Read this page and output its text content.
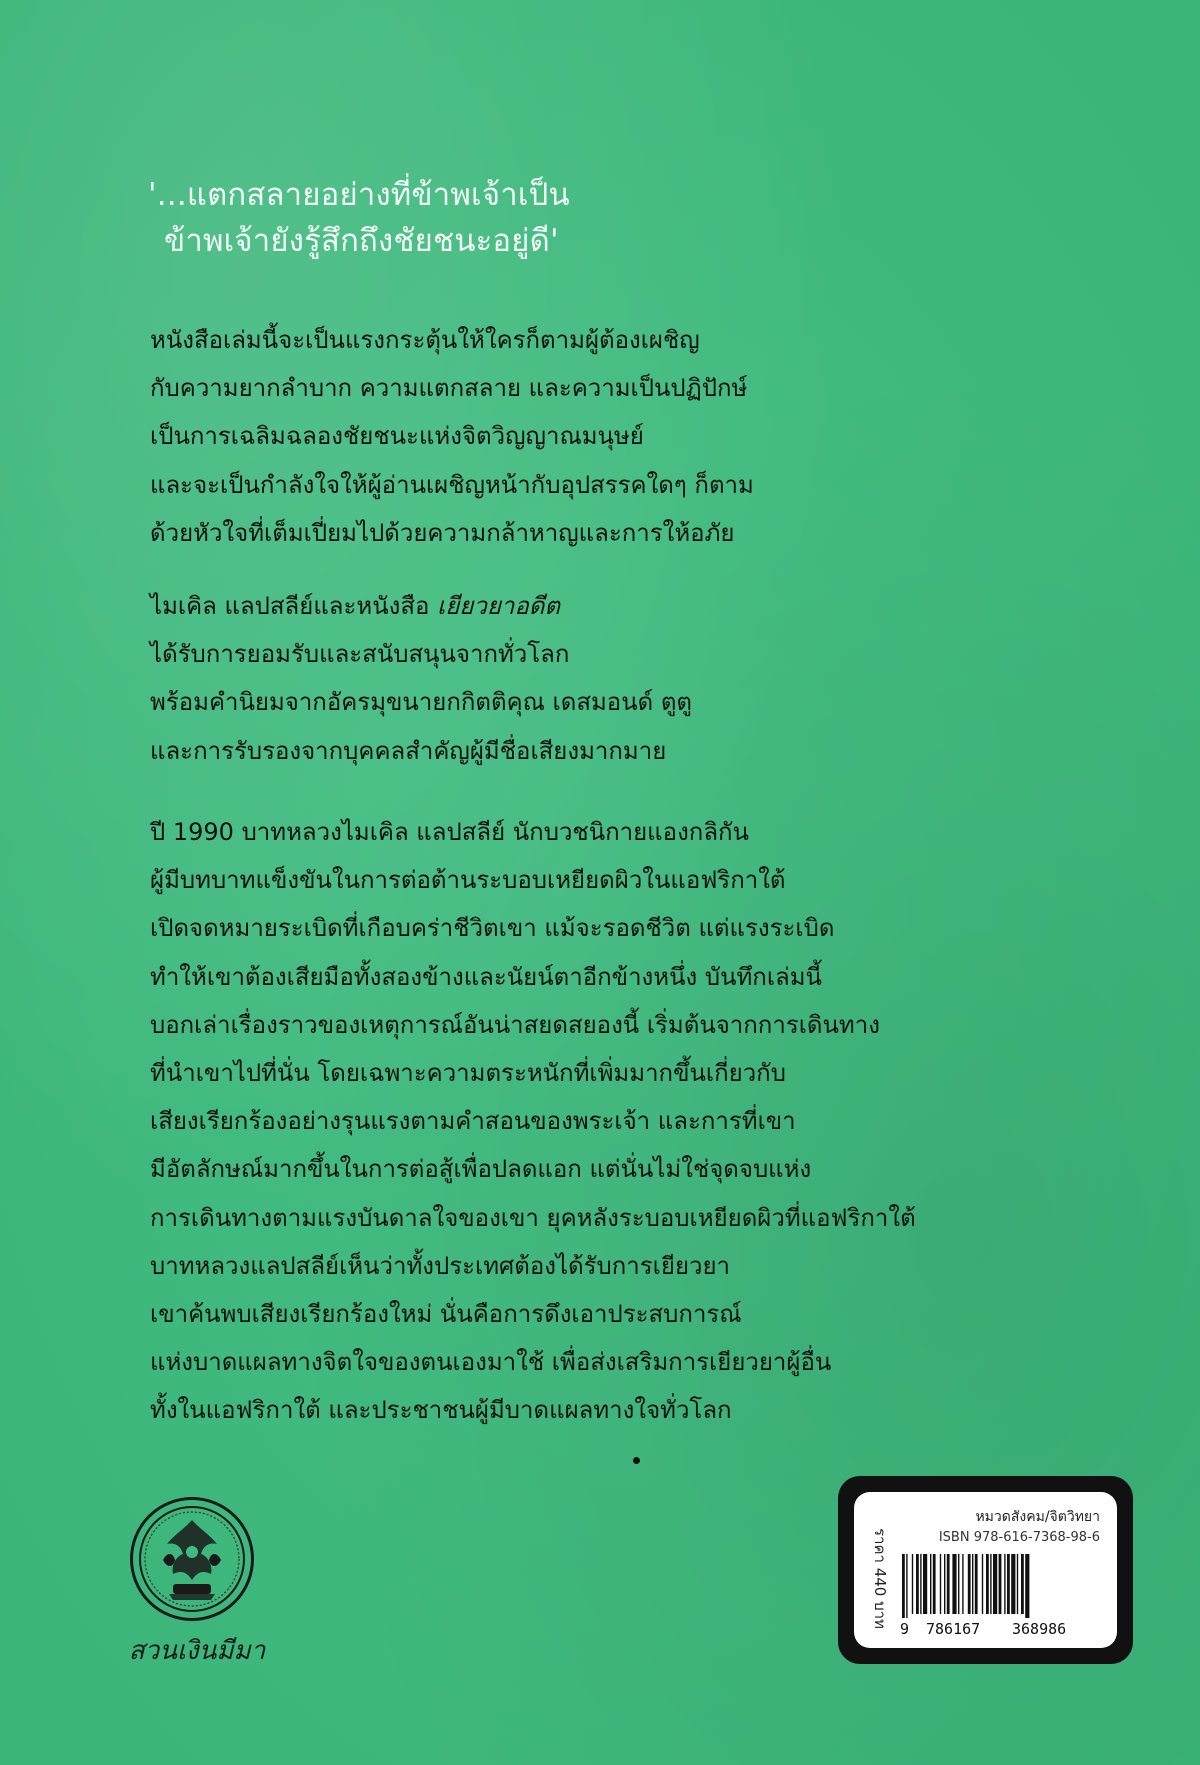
'...แตกสลายอย่างที่ข้าพเจ้าเป็น
ข้าพเจ้ายังรู้สึกถึงชัยชนะอยู่ดี'
หนังสือเล่มนี้จะเป็นแรงกระตุ้นให้ใครก็ตามผู้ต้องเผชิญ
กับความยากลำบาก ความแตกสลาย และความเป็นปฏิปักษ์
เป็นการเฉลิมฉลองชัยชนะแห่งจิตวิญญาณมนุษย์
และจะเป็นกำลังใจให้ผู้อ่านเผชิญหน้ากับอุปสรรคใดๆ ก็ตาม
ด้วยหัวใจที่เต็มเปี่ยมไปด้วยความกล้าหาญและการให้อภัย
ไมเคิล แลปสลีย์และหนังสือ เยียวยาอดีต
ได้รับการยอมรับและสนับสนุนจากทั่วโลก
พร้อมคำนิยมจากอัครมุขนายกกิตติคุณ เดสมอนด์ ตูตู
และการรับรองจากบุคคลสำคัญผู้มีชื่อเสียงมากมาย
ปี 1990 บาทหลวงไมเคิล แลปสลีย์ นักบวชนิกายแองกลิกัน
ผู้มีบทบาทแข็งขันในการต่อต้านระบอบเหยียดผิวในแอฟริกาใต้
เปิดจดหมายระเบิดที่เกือบคร่าชีวิตเขา แม้จะรอดชีวิต แต่แรงระเบิด
ทำให้เขาต้องเสียมือทั้งสองข้างและนัยน์ตาอีกข้างหนึ่ง บันทึกเล่มนี้
บอกเล่าเรื่องราวของเหตุการณ์อันน่าสยดสยองนี้ เริ่มต้นจากการเดินทาง
ที่นำเขาไปที่นั่น โดยเฉพาะความตระหนักที่เพิ่มมากขึ้นเกี่ยวกับ
เสียงเรียกร้องอย่างรุนแรงตามคำสอนของพระเจ้า และการที่เขา
มีอัตลักษณ์มากขึ้นในการต่อสู้เพื่อปลดแอก แต่นั่นไม่ใช่จุดจบแห่ง
การเดินทางตามแรงบันดาลใจของเขา ยุคหลังระบอบเหยียดผิวที่แอฟริกาใต้
บาทหลวงแลปสลีย์เห็นว่าทั้งประเทศต้องได้รับการเยียวยา
เขาค้นพบเสียงเรียกร้องใหม่ นั่นคือการดึงเอาประสบการณ์
แห่งบาดแผลทางจิตใจของตนเองมาใช้ เพื่อส่งเสริมการเยียวยาผู้อื่น
ทั้งในแอฟริกาใต้ และประชาชนผู้มีบาดแผลทางใจทั่วโลก
สวนเงินมีมา
หมวดสังคม/จิตวิทยา
ISBN 978-616-7368-98-6
ราคา 440 บาท
9 786167 368986
